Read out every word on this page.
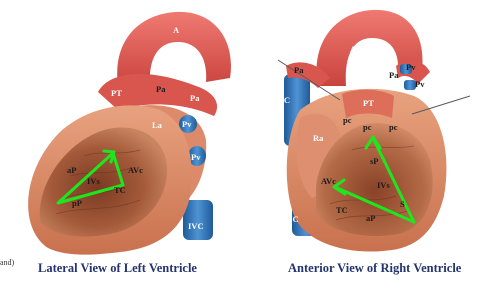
A
PT	Pa
Pa
La Pv
Pv
aP
IVs
AVc
TC
pP
IVC
A
Pa	Pa
Pv
Pv
SVC	PT
pc
pc pc
Ra
sP
AVc	IVs
TC
aP
S
IVC
and) Lateral View of Left Ventricle	Anterior View of Right Ventricle
